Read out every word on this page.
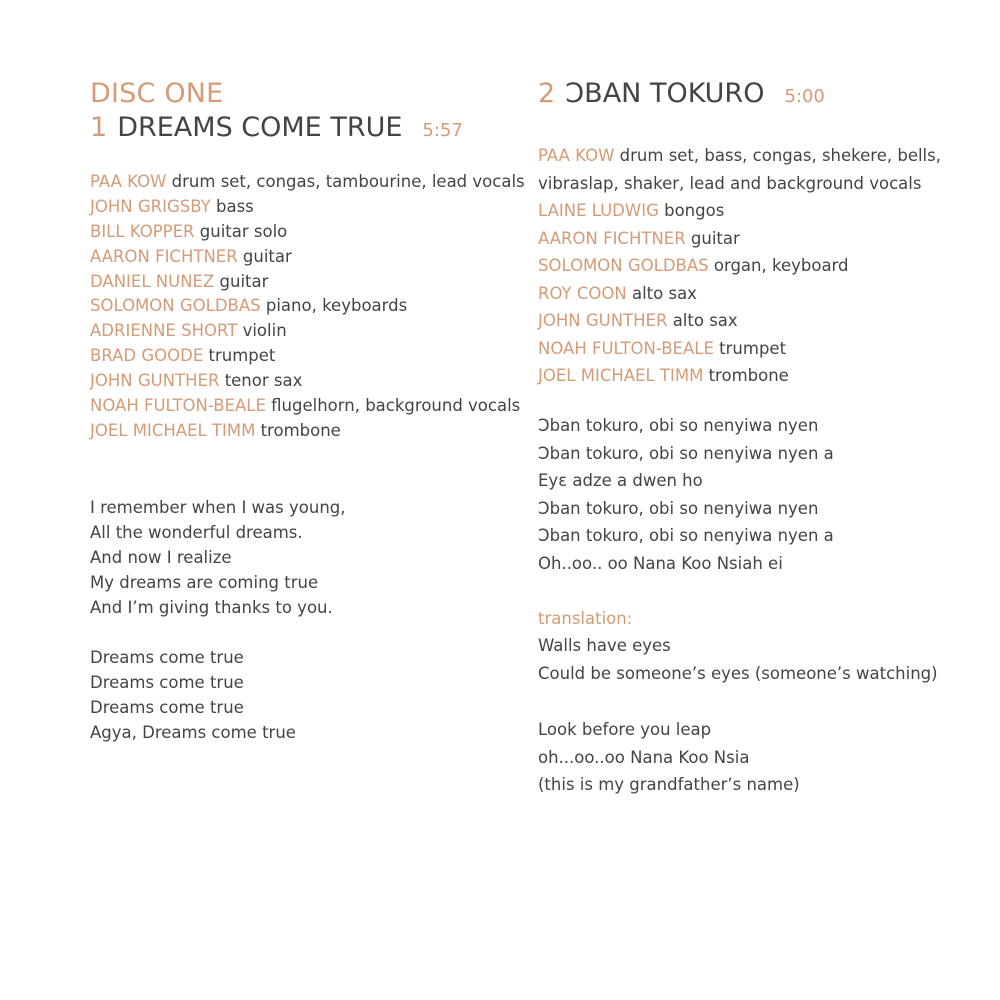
DISC ONE
1 DREAMS COME TRUE 5:57
PAA KOW drum set, congas, tambourine, lead vocals
JOHN GRIGSBY bass
BILL KOPPER guitar solo
AARON FICHTNER guitar
DANIEL NUNEZ guitar
SOLOMON GOLDBAS piano, keyboards
ADRIENNE SHORT violin
BRAD GOODE trumpet
JOHN GUNTHER tenor sax
NOAH FULTON-BEALE flugelhorn, background vocals
JOEL MICHAEL TIMM trombone
I remember when I was young,
All the wonderful dreams.
And now I realize
My dreams are coming true
And I’m giving thanks to you.
Dreams come true
Dreams come true
Dreams come true
Agya, Dreams come true
2 ƆBAN TOKURO 5:00
PAA KOW drum set, bass, congas, shekere, bells,
vibraslap, shaker, lead and background vocals
LAINE LUDWIG bongos
AARON FICHTNER guitar
SOLOMON GOLDBAS organ, keyboard
ROY COON alto sax
JOHN GUNTHER alto sax
NOAH FULTON-BEALE trumpet
JOEL MICHAEL TIMM trombone
Ɔban tokuro, obi so nenyiwa nyen
Ɔban tokuro, obi so nenyiwa nyen a
Eyɛ adze a dwen ho
Ɔban tokuro, obi so nenyiwa nyen
Ɔban tokuro, obi so nenyiwa nyen a
Oh..oo.. oo Nana Koo Nsiah ei
translation:
Walls have eyes
Could be someone’s eyes (someone’s watching)
Look before you leap
oh...oo..oo Nana Koo Nsia
(this is my grandfather’s name)
